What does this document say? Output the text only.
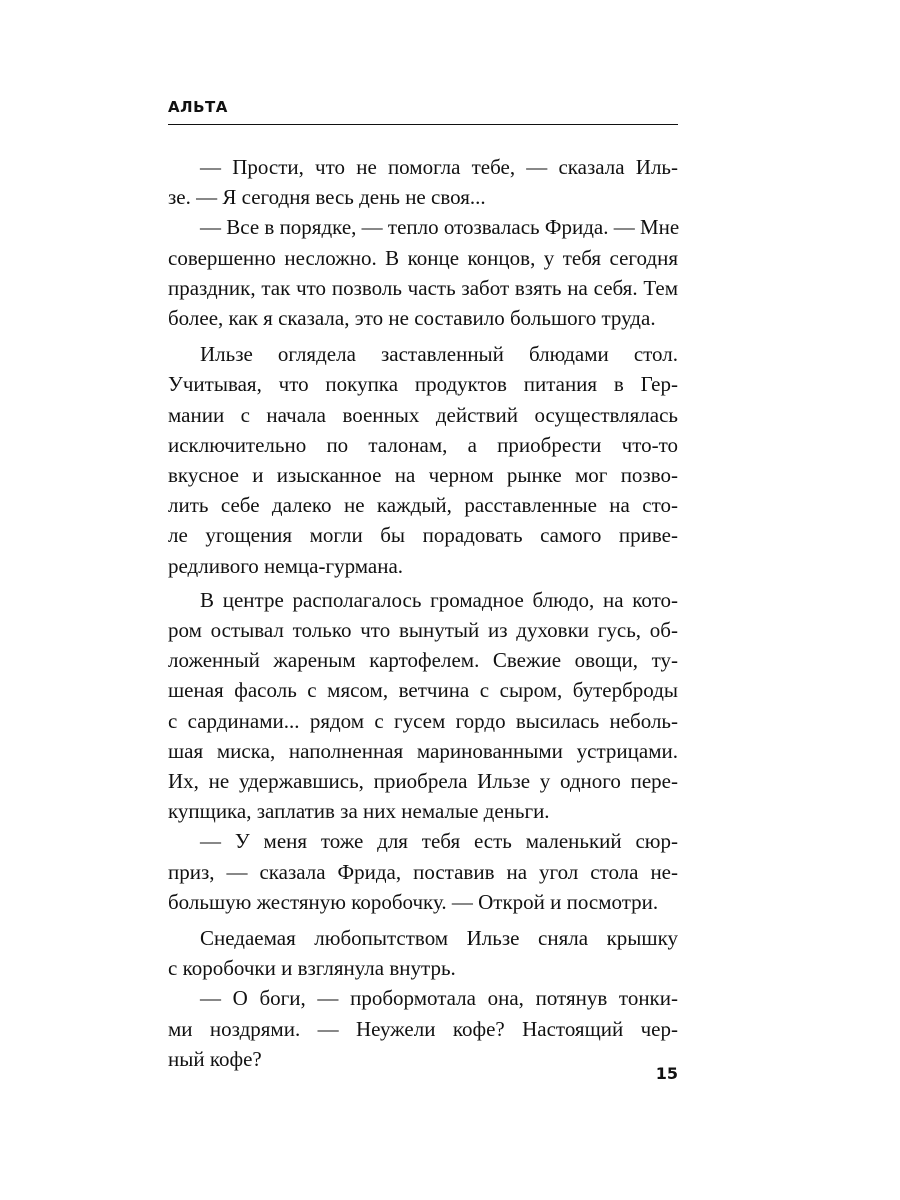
АЛЬТА
— Прости, что не помогла тебе, — сказала Иль-
зе. — Я сегодня весь день не своя...
— Все в порядке, — тепло отозвалась Фрида. — Мне
совершенно несложно. В конце концов, у тебя сегодня
праздник, так что позволь часть забот взять на себя. Тем
более, как я сказала, это не составило большого труда.
Ильзе оглядела заставленный блюдами стол.
Учитывая, что покупка продуктов питания в Гер-
мании с начала военных действий осуществлялась
исключительно по талонам, а приобрести что-то
вкусное и изысканное на черном рынке мог позво-
лить себе далеко не каждый, расставленные на сто-
ле угощения могли бы порадовать самого приве-
редливого немца-гурмана.
В центре располагалось громадное блюдо, на кото-
ром остывал только что вынутый из духовки гусь, об-
ложенный жареным картофелем. Свежие овощи, ту-
шеная фасоль с мясом, ветчина с сыром, бутерброды
с сардинами... рядом с гусем гордо высилась неболь-
шая миска, наполненная маринованными устрицами.
Их, не удержавшись, приобрела Ильзе у одного пере-
купщика, заплатив за них немалые деньги.
— У меня тоже для тебя есть маленький сюр-
приз, — сказала Фрида, поставив на угол стола не-
большую жестяную коробочку. — Открой и посмотри.
Снедаемая любопытством Ильзе сняла крышку
с коробочки и взглянула внутрь.
— О боги, — пробормотала она, потянув тонки-
ми ноздрями. — Неужели кофе? Настоящий чер-
ный кофе?
15
